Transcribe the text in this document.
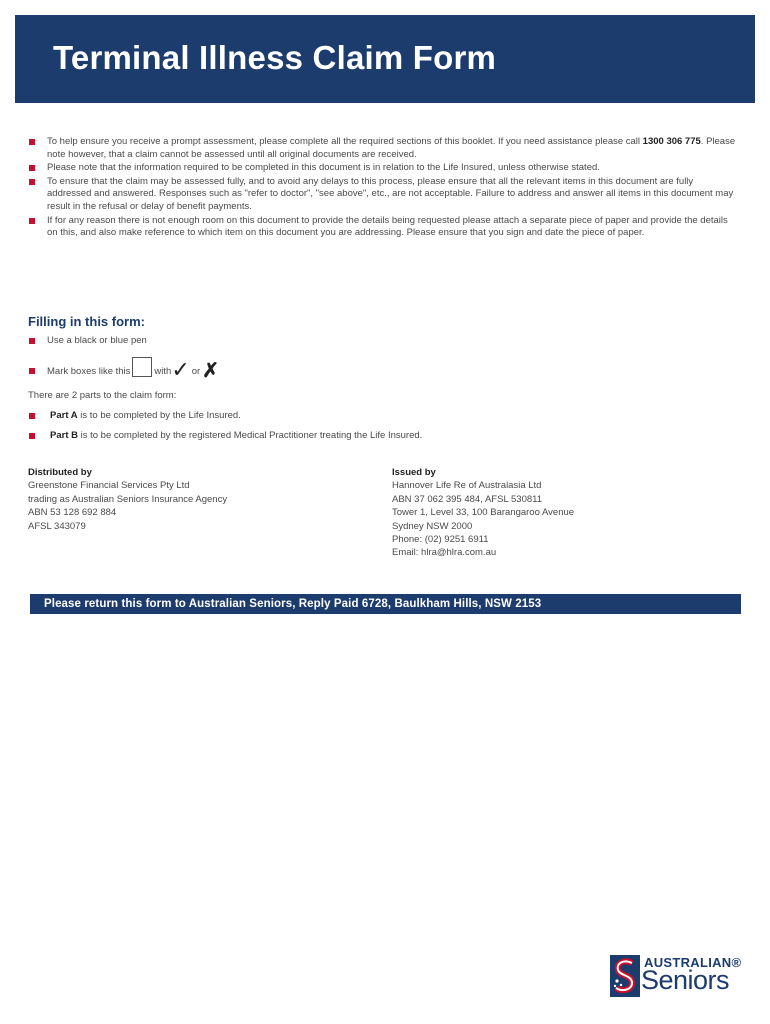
Terminal Illness Claim Form
To help ensure you receive a prompt assessment, please complete all the required sections of this booklet. If you need assistance please call 1300 306 775. Please note however, that a claim cannot be assessed until all original documents are received.
Please note that the information required to be completed in this document is in relation to the Life Insured, unless otherwise stated.
To ensure that the claim may be assessed fully, and to avoid any delays to this process, please ensure that all the relevant items in this document are fully addressed and answered. Responses such as "refer to doctor", "see above", etc., are not acceptable. Failure to address and answer all items in this document may result in the refusal or delay of benefit payments.
If for any reason there is not enough room on this document to provide the details being requested please attach a separate piece of paper and provide the details on this, and also make reference to which item on this document you are addressing. Please ensure that you sign and date the piece of paper.
Filling in this form:
Use a black or blue pen
Mark boxes like this	with✓ or ✗
There are 2 parts to the claim form:
Part A is to be completed by the Life Insured.
Part B is to be completed by the registered Medical Practitioner treating the Life Insured.
Distributed by
Greenstone Financial Services Pty Ltd
trading as Australian Seniors Insurance Agency
ABN 53 128 692 884
AFSL 343079
Issued by
Hannover Life Re of Australasia Ltd
ABN 37 062 395 484, AFSL 530811
Tower 1, Level 33, 100 Barangaroo Avenue
Sydney NSW 2000
Phone: (02) 9251 6911
Email: hlra@hlra.com.au
Please return this form to Australian Seniors, Reply Paid 6728, Baulkham Hills, NSW 2153
AUSTRALIAN®
Seniors
